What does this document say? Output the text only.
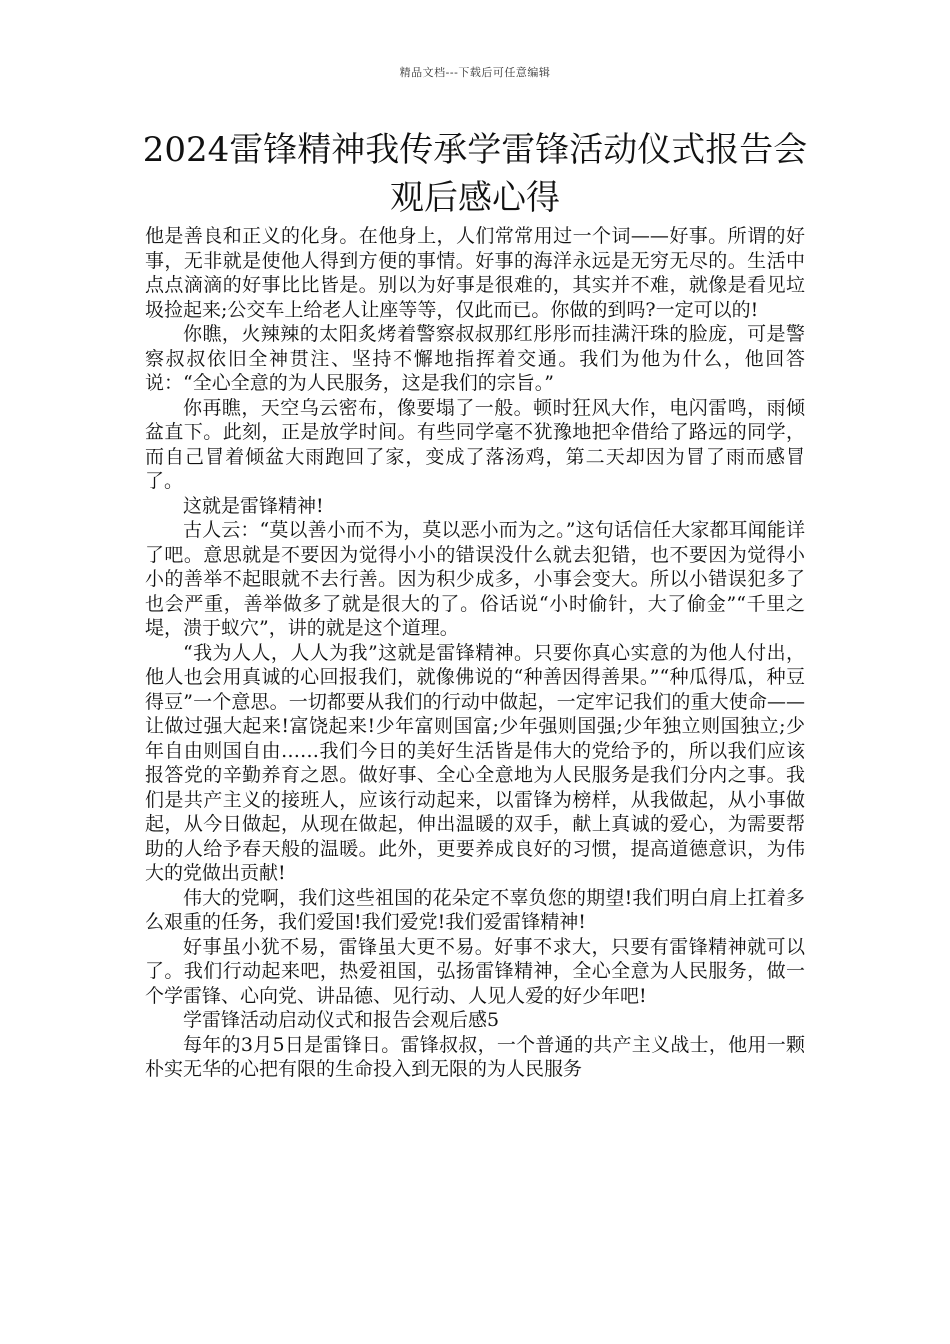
精品文档---下载后可任意编辑
2024雷锋精神我传承学雷锋活动仪式报告会观后感心得

他是善良和正义的化身。在他身上，人们常常用过一个词——好事。所谓的好事，无非就是使他人得到方便的事情。好事的海洋永远是无穷无尽的。生活中点点滴滴的好事比比皆是。别以为好事是很难的，其实并不难，就像是看见垃圾捡起来;公交车上给老人让座等等，仅此而已。你做的到吗?一定可以的!

你瞧，火辣辣的太阳炙烤着警察叔叔那红彤彤而挂满汗珠的脸庞，可是警察叔叔依旧全神贯注、坚持不懈地指挥着交通。我们为他为什么，他回答说：“全心全意的为人民服务，这是我们的宗旨。”

你再瞧，天空乌云密布，像要塌了一般。顿时狂风大作，电闪雷鸣，雨倾盆直下。此刻，正是放学时间。有些同学毫不犹豫地把伞借给了路远的同学，而自己冒着倾盆大雨跑回了家，变成了落汤鸡，第二天却因为冒了雨而感冒了。

这就是雷锋精神!

古人云：“莫以善小而不为，莫以恶小而为之。”这句话信任大家都耳闻能详了吧。意思就是不要因为觉得小小的错误没什么就去犯错，也不要因为觉得小小的善举不起眼就不去行善。因为积少成多，小事会变大。所以小错误犯多了也会严重，善举做多了就是很大的了。俗话说“小时偷针，大了偷金”“千里之堤，溃于蚁穴”，讲的就是这个道理。

“我为人人，人人为我”这就是雷锋精神。只要你真心实意的为他人付出，他人也会用真诚的心回报我们，就像佛说的“种善因得善果。”“种瓜得瓜，种豆得豆”一个意思。一切都要从我们的行动中做起，一定牢记我们的重大使命——让做过强大起来!富饶起来!少年富则国富;少年强则国强;少年独立则国独立;少年自由则国自由……我们今日的美好生活皆是伟大的党给予的，所以我们应该报答党的辛勤养育之恩。做好事、全心全意地为人民服务是我们分内之事。我们是共产主义的接班人，应该行动起来，以雷锋为榜样，从我做起，从小事做起，从今日做起，从现在做起，伸出温暖的双手，献上真诚的爱心，为需要帮助的人给予春天般的温暖。此外，更要养成良好的习惯，提高道德意识，为伟大的党做出贡献!

伟大的党啊，我们这些祖国的花朵定不辜负您的期望!我们明白肩上扛着多么艰重的任务，我们爱国!我们爱党!我们爱雷锋精神!

好事虽小犹不易，雷锋虽大更不易。好事不求大，只要有雷锋精神就可以了。我们行动起来吧，热爱祖国，弘扬雷锋精神，全心全意为人民服务，做一个学雷锋、心向党、讲品德、见行动、人见人爱的好少年吧!

学雷锋活动启动仪式和报告会观后感5

每年的3月5日是雷锋日。雷锋叔叔，一个普通的共产主义战士，他用一颗朴实无华的心把有限的生命投入到无限的为人民服务
